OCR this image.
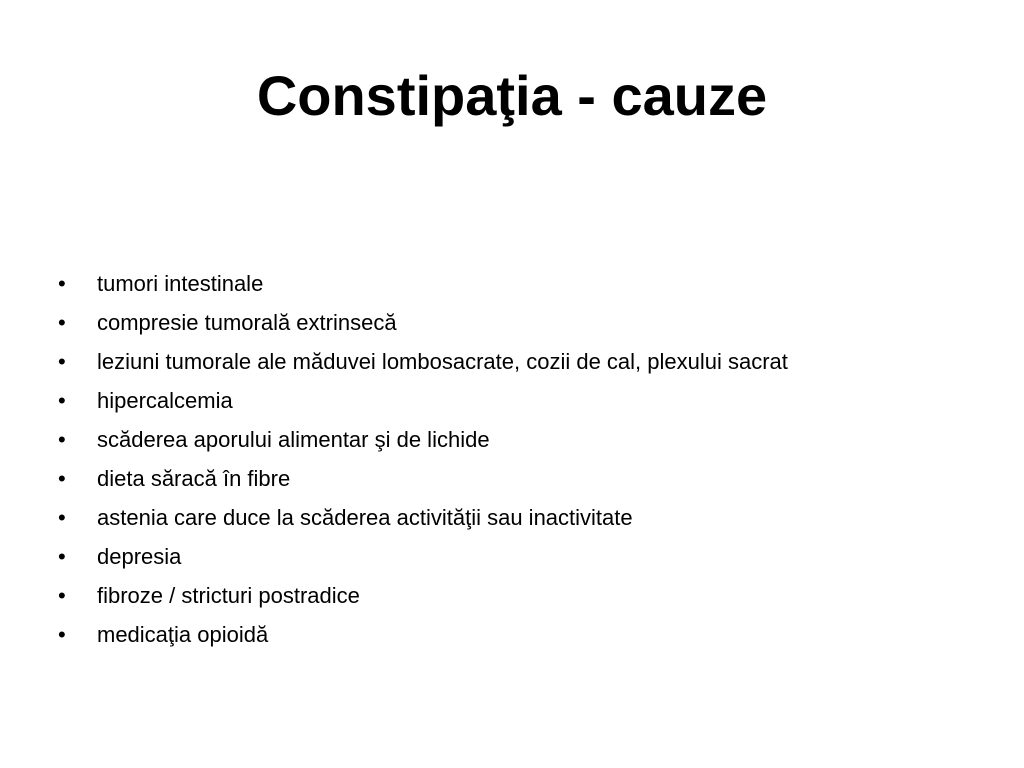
Constipaţia - cauze
•	tumori intestinale
•	compresie tumorală extrinsecă
•	leziuni tumorale ale măduvei lombosacrate, cozii de cal, plexului sacrat
•	hipercalcemia
•	scăderea aporului alimentar şi de lichide
•	dieta săracă în fibre
•	astenia care duce la scăderea activităţii sau inactivitate
•	depresia
•	fibroze / stricturi postradice
•	medicaţia opioidă
